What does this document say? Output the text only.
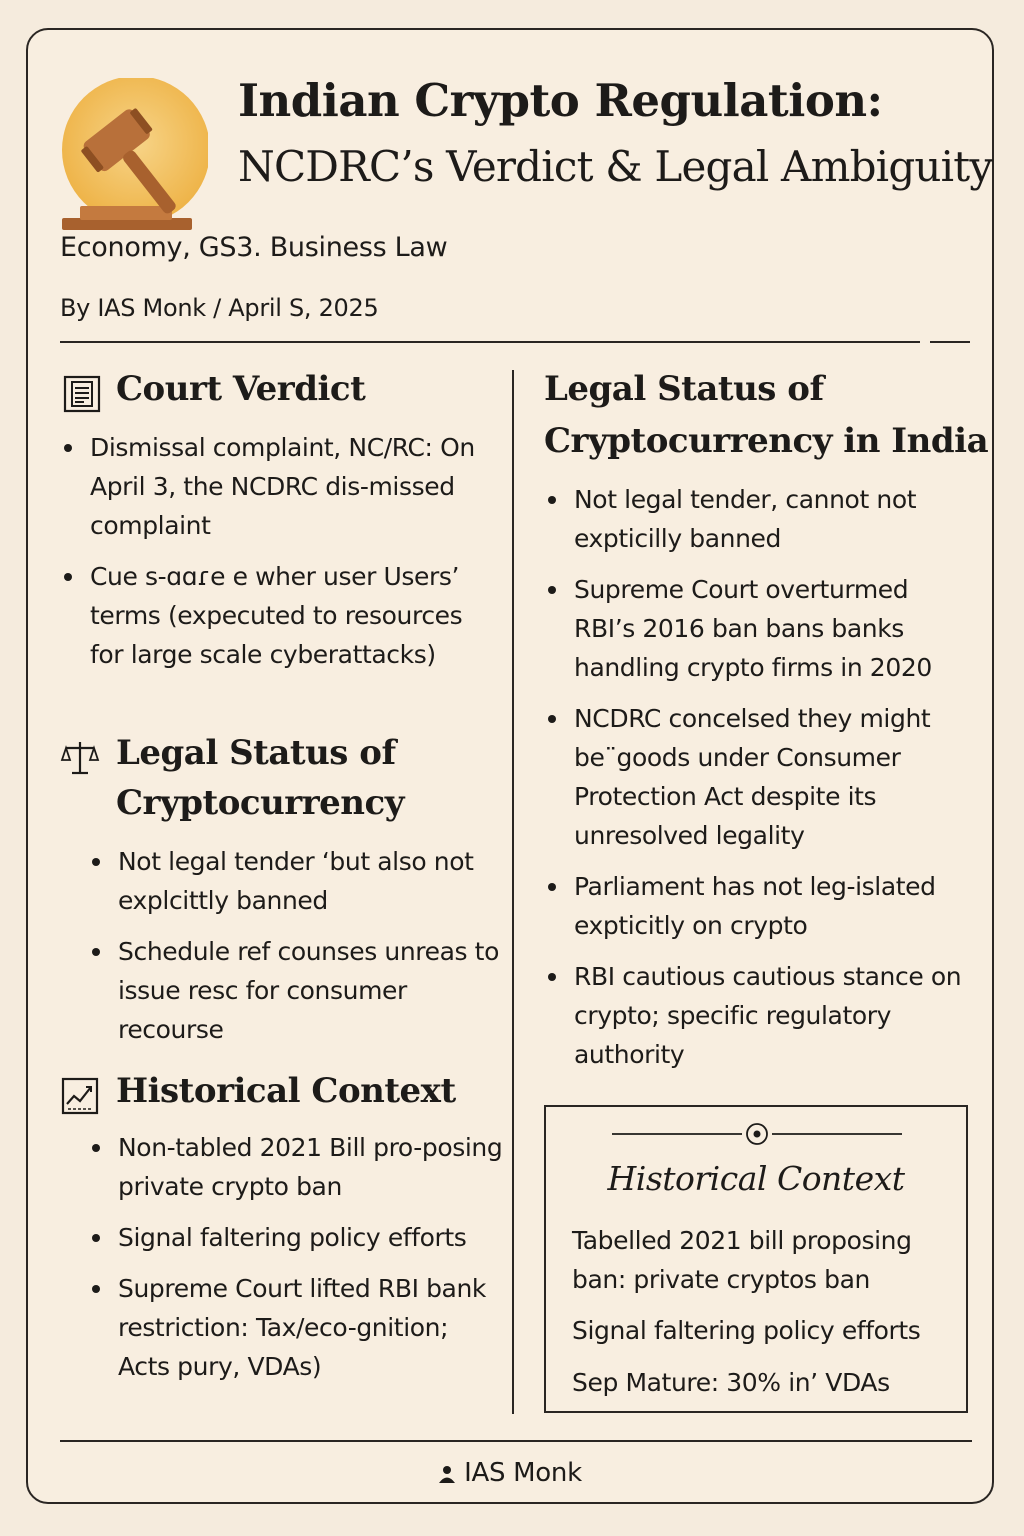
Indian Crypto Regulation:
NCDRC’s Verdict & Legal Ambiguity
Economy, GS3. Business Law
By IAS Monk / April S, 2025
Court Verdict
Dismissal complaint, NC/RC: On April 3, the NCDRC dis-missed complaint
Cue s-ɑɑɾe e wher user Users’ terms (expecuted to resources for large scale cyberattacks)
Legal Status of
Cryptocurrency
Not legal tender ‘but also not explcittly banned
Schedule ref counses unreas to issue resc for consumer recourse
Historical Context
Non-tabled 2021 Bill pro-posing private crypto ban
Signal faltering policy efforts
Supreme Court lifted RBI bank restriction: Tax/eco-gnition; Acts pury, VDAs)
Legal Status of
Cryptocurrency in India
Not legal tender, cannot not expticilly banned
Supreme Court overturmed RBI’s 2016 ban bans banks handling crypto firms in 2020
NCDRC concelsed they might be¨goods under Consumer Protection Act despite its unresolved legality
Parliament has not leg-islated expticitly on crypto
RBI cautious cautious stance on crypto; specific regulatory authority
Historical Context
Tabelled 2021 bill proposing
ban: private cryptos ban
Signal faltering policy efforts
Sep Mature: 30% in’ VDAs
IAS Monk
